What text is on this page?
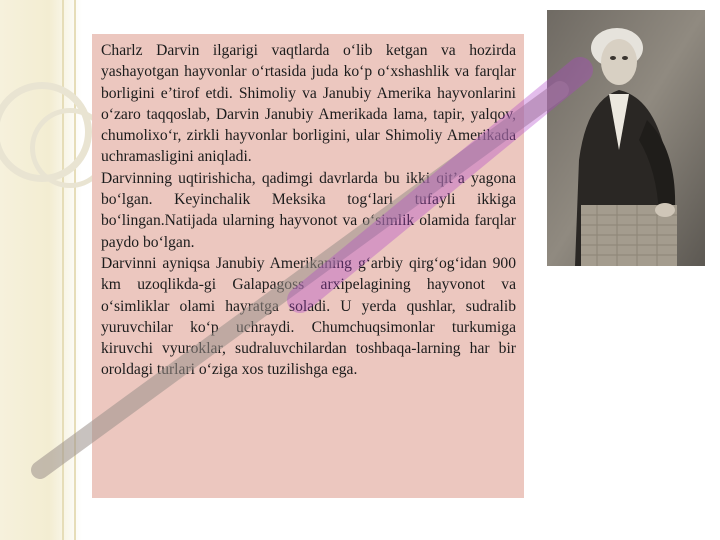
Charlz Darvin ilgarigi vaqtlarda o‘lib ketgan va hozirda yashayotgan hayvonlar o‘rtasida juda ko‘p o‘xshashlik va farqlar borligini e’tirof etdi. Shimoliy va Janubiy Amerika hayvonlarini o‘zaro taqqoslab, Darvin Janubiy Amerikada lama, tapir, yalqov, chumolixo‘r, zirkli hayvonlar borligini, ular Shimoliy Amerikada uchramasligini aniqladi.

Darvinning uqtirishicha, qadimgi davrlarda bu ikki qit’a yagona bo‘lgan. Keyinchalik Meksika tog‘lari tufayli ikkiga bo‘lingan.Natijada ularning hayvonot va o‘simlik olamida farqlar paydo bo‘lgan.

Darvinni ayniqsa Janubiy Amerikaning g‘arbiy qirg‘og‘idan 900 km uzoqlikda-gi Galapagoss arxipelagining hayvonot va o‘simliklar olami hayratga soladi. U yerda qushlar, sudralib yuruvchilar ko‘p uchraydi. Chumchuqsimonlar turkumiga kiruvchi vyuroklar, sudraluvchilardan toshbaqa-larning har bir oroldagi turlari o‘ziga xos tuzilishga ega.
